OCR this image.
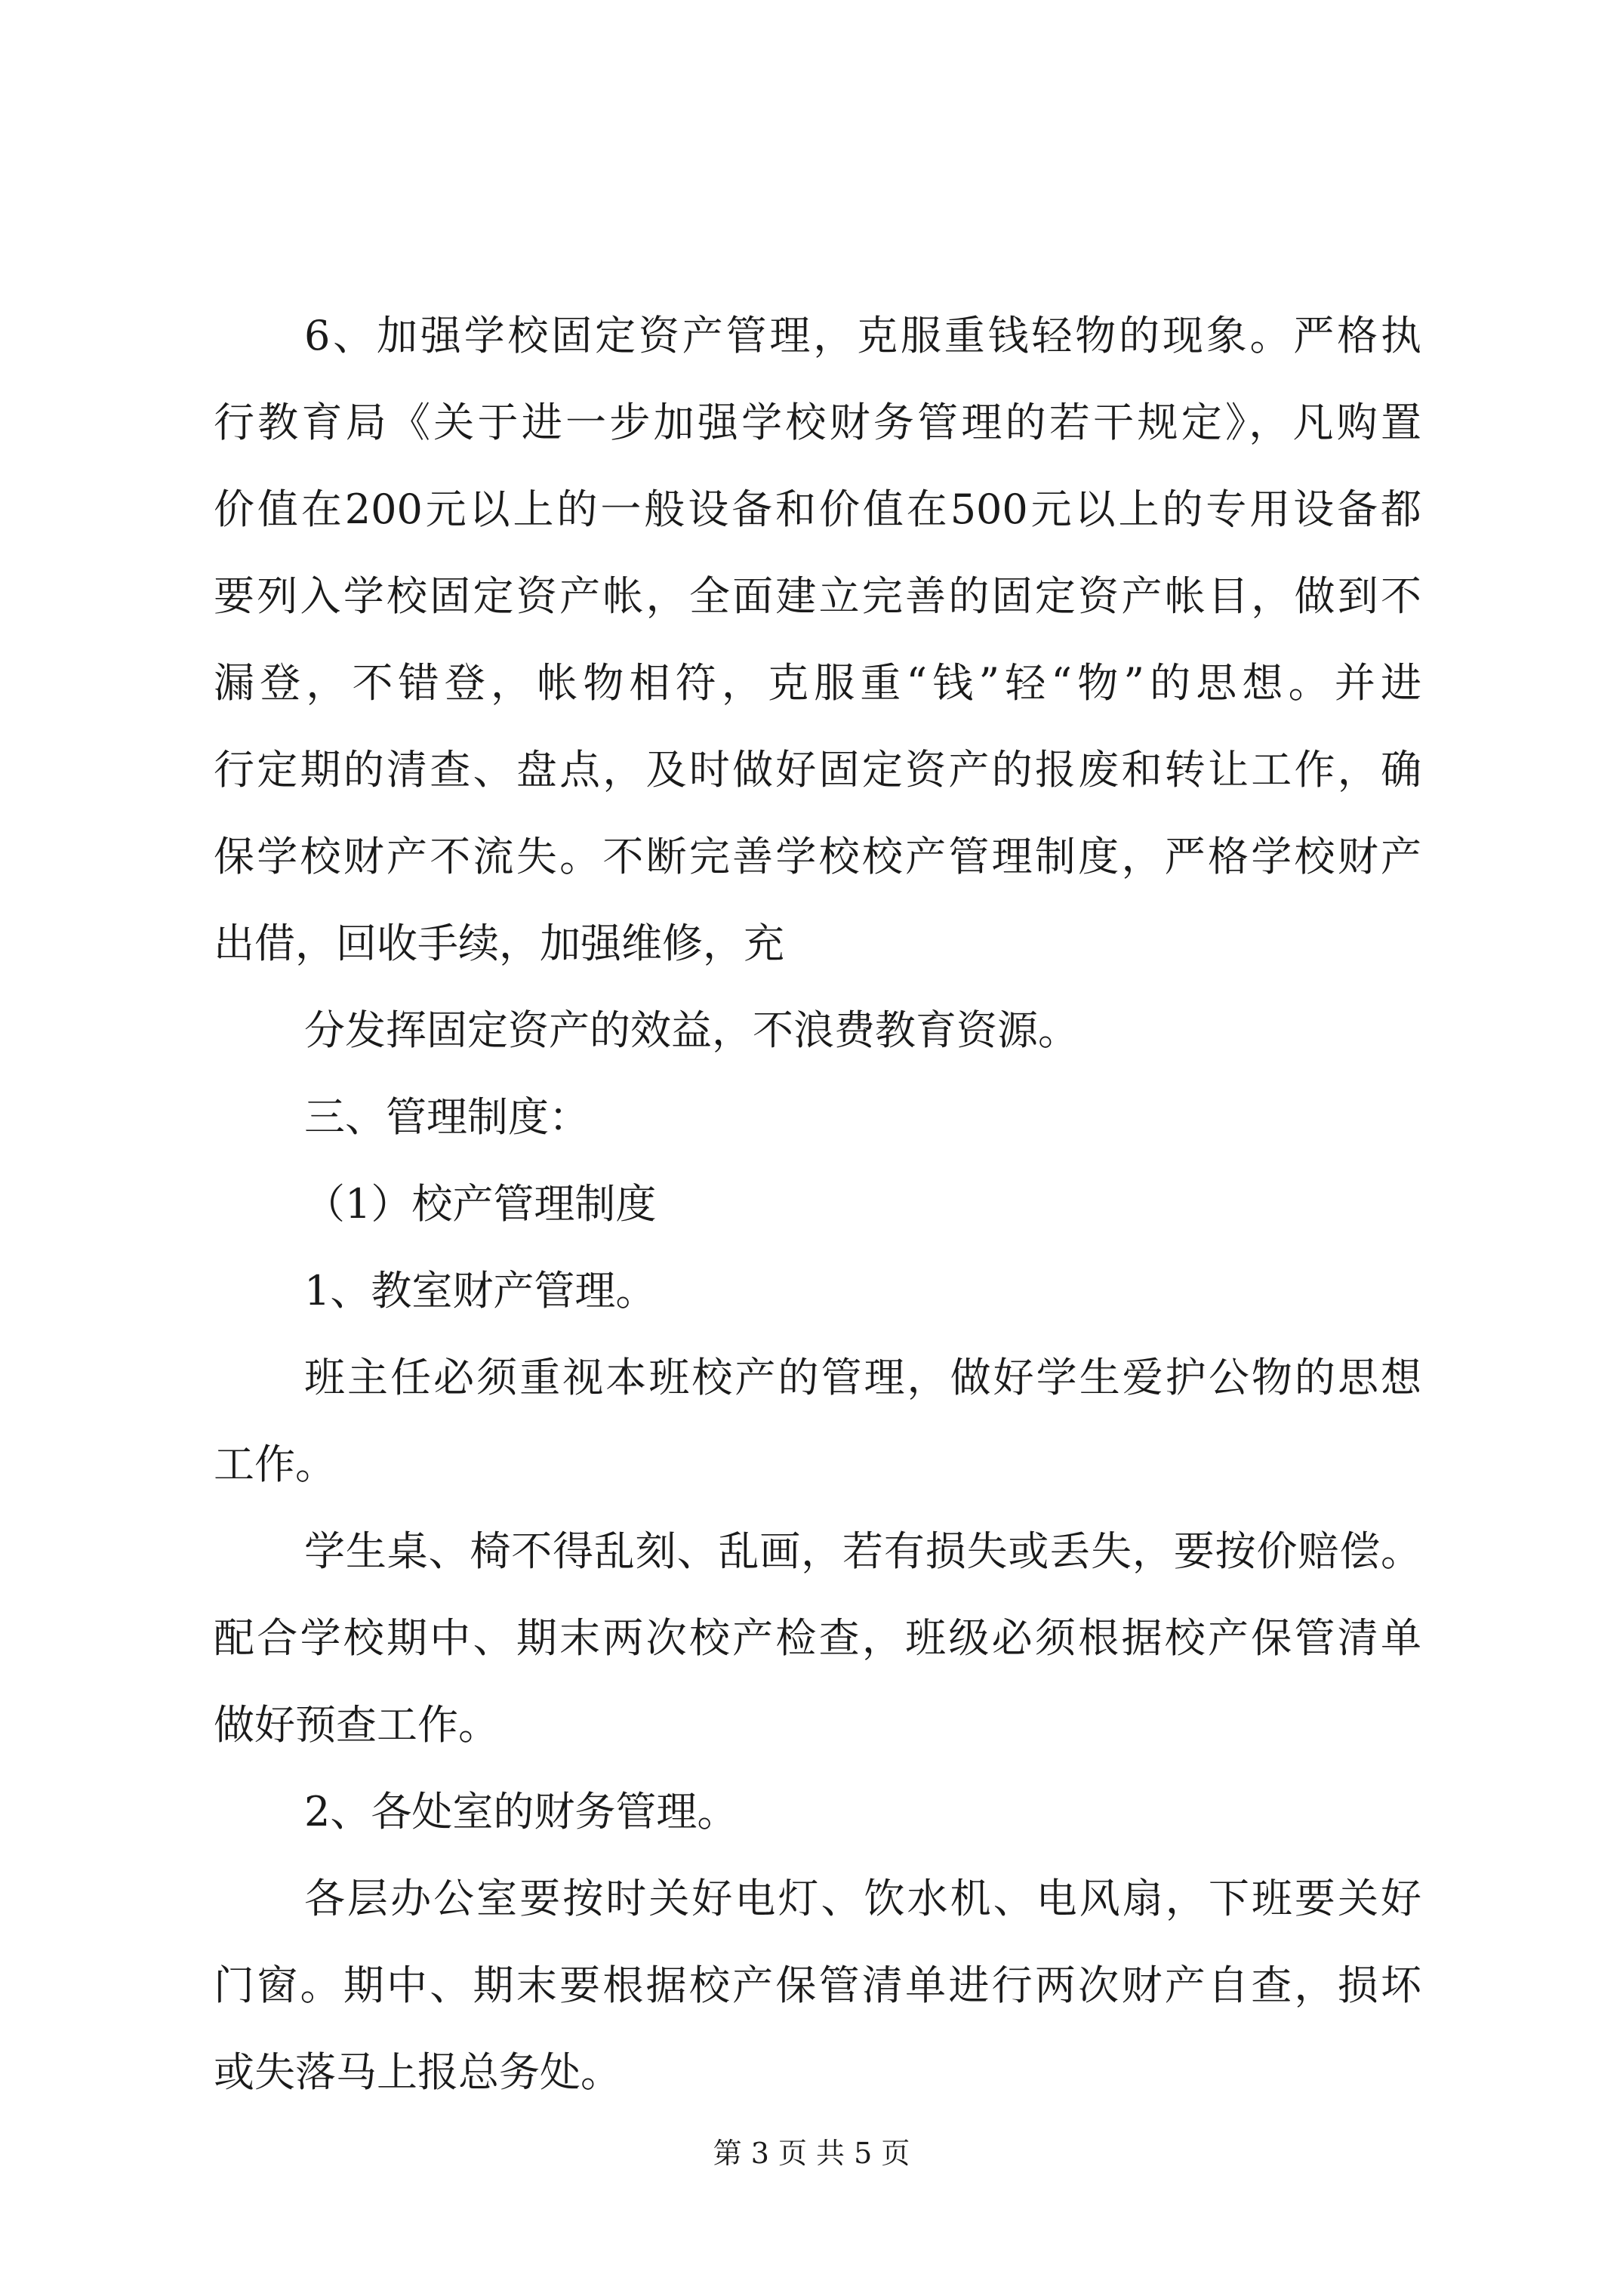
6、加强学校固定资产管理，克服重钱轻物的现象。严格执
行教育局《关于进一步加强学校财务管理的若干规定》，凡购置
价值在200元以上的一般设备和价值在500元以上的专用设备都
要列入学校固定资产帐，全面建立完善的固定资产帐目，做到不
漏登，不错登，帐物相符，克服重“钱”轻“物”的思想。并进
行定期的清查、盘点，及时做好固定资产的报废和转让工作，确
保学校财产不流失。不断完善学校校产管理制度，严格学校财产
出借，回收手续，加强维修，充
分发挥固定资产的效益，不浪费教育资源。
三、管理制度：
（1）校产管理制度
1、教室财产管理。
班主任必须重视本班校产的管理，做好学生爱护公物的思想
工作。
学生桌、椅不得乱刻、乱画，若有损失或丢失，要按价赔偿。
配合学校期中、期末两次校产检查，班级必须根据校产保管清单
做好预查工作。
2、各处室的财务管理。
各层办公室要按时关好电灯、饮水机、电风扇，下班要关好
门窗。期中、期末要根据校产保管清单进行两次财产自查，损坏
或失落马上报总务处。
第 3 页 共 5 页
